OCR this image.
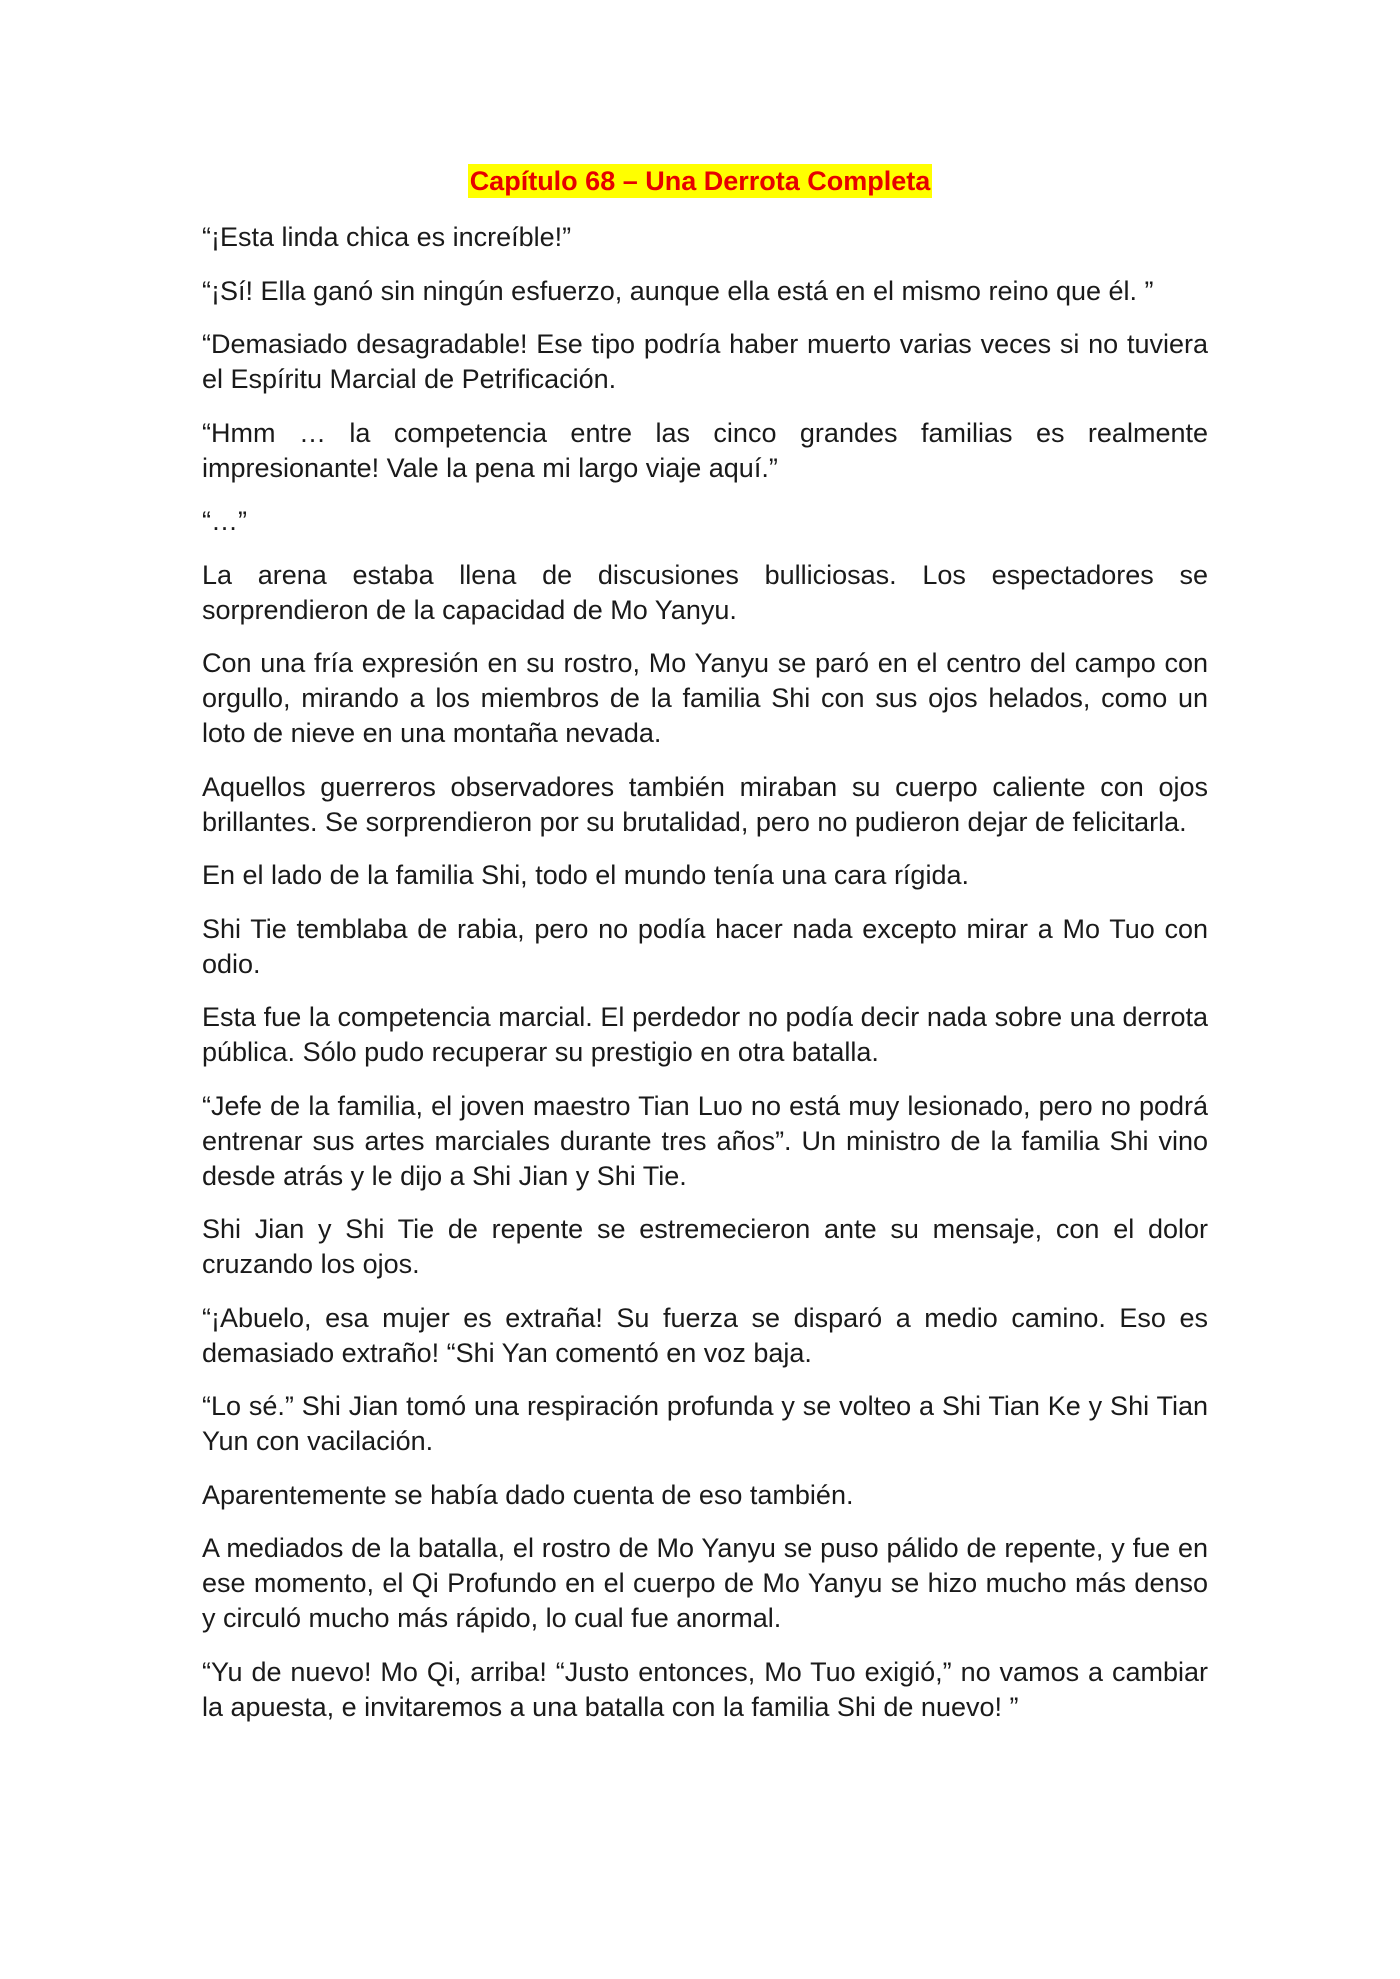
Capítulo 68 – Una Derrota Completa

“¡Esta linda chica es increíble!”

“¡Sí! Ella ganó sin ningún esfuerzo, aunque ella está en el mismo reino que él. ”

“Demasiado desagradable! Ese tipo podría haber muerto varias veces si no tuviera el Espíritu Marcial de Petrificación.

“Hmm … la competencia entre las cinco grandes familias es realmente impresionante! Vale la pena mi largo viaje aquí.”

“…”

La arena estaba llena de discusiones bulliciosas. Los espectadores se sorprendieron de la capacidad de Mo Yanyu.

Con una fría expresión en su rostro, Mo Yanyu se paró en el centro del campo con orgullo, mirando a los miembros de la familia Shi con sus ojos helados, como un loto de nieve en una montaña nevada.

Aquellos guerreros observadores también miraban su cuerpo caliente con ojos brillantes. Se sorprendieron por su brutalidad, pero no pudieron dejar de felicitarla.

En el lado de la familia Shi, todo el mundo tenía una cara rígida.

Shi Tie temblaba de rabia, pero no podía hacer nada excepto mirar a Mo Tuo con odio.

Esta fue la competencia marcial. El perdedor no podía decir nada sobre una derrota pública. Sólo pudo recuperar su prestigio en otra batalla.

“Jefe de la familia, el joven maestro Tian Luo no está muy lesionado, pero no podrá entrenar sus artes marciales durante tres años”. Un ministro de la familia Shi vino desde atrás y le dijo a Shi Jian y Shi Tie.

Shi Jian y Shi Tie de repente se estremecieron ante su mensaje, con el dolor cruzando los ojos.

“¡Abuelo, esa mujer es extraña! Su fuerza se disparó a medio camino. Eso es demasiado extraño! “Shi Yan comentó en voz baja.

“Lo sé.” Shi Jian tomó una respiración profunda y se volteo a Shi Tian Ke y Shi Tian Yun con vacilación.

Aparentemente se había dado cuenta de eso también.

A mediados de la batalla, el rostro de Mo Yanyu se puso pálido de repente, y fue en ese momento, el Qi Profundo en el cuerpo de Mo Yanyu se hizo mucho más denso y circuló mucho más rápido, lo cual fue anormal.

“Yu de nuevo! Mo Qi, arriba! “Justo entonces, Mo Tuo exigió,” no vamos a cambiar la apuesta, e invitaremos a una batalla con la familia Shi de nuevo! ”
